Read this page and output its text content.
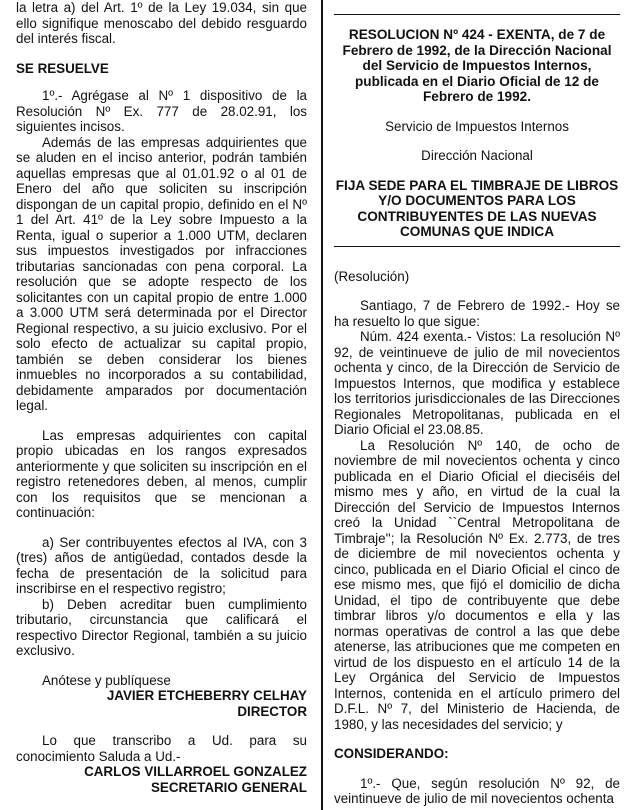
la letra a) del Art. 1º de la Ley 19.034, sin que ello signifique menoscabo del debido resguardo del interés fiscal.

SE RESUELVE

1º.- Agrégase al Nº 1 dispositivo de la Resolución Nº Ex. 777 de 28.02.91, los siguientes incisos.

Además de las empresas adquirientes que se aluden en el inciso anterior, podrán también aquellas empresas que al 01.01.92 o al 01 de Enero del año que soliciten su inscripción dispongan de un capital propio, definido en el Nº 1 del Art. 41º de la Ley sobre Impuesto a la Renta, igual o superior a 1.000 UTM, declaren sus impuestos investigados por infracciones tributarias sancionadas con pena corporal. La resolución que se adopte respecto de los solicitantes con un capital propio de entre 1.000 a 3.000 UTM será determinada por el Director Regional respectivo, a su juicio exclusivo. Por el solo efecto de actualizar su capital propio, también se deben considerar los bienes inmuebles no incorporados a su contabilidad, debidamente amparados por documentación legal.

Las empresas adquirientes con capital propio ubicadas en los rangos expresados anteriormente y que soliciten su inscripción en el registro retenedores deben, al menos, cumplir con los requisitos que se mencionan a continuación:

a) Ser contribuyentes efectos al IVA, con 3 (tres) años de antigüedad, contados desde la fecha de presentación de la solicitud para inscribirse en el respectivo registro;

b) Deben acreditar buen cumplimiento tributario, circunstancia que calificará el respectivo Director Regional, también a su juicio exclusivo.

Anótese y publíquese

JAVIER ETCHEBERRY CELHAY
DIRECTOR

Lo que transcribo a Ud. para su conocimiento Saluda a Ud.-

CARLOS VILLARROEL GONZALEZ
SECRETARIO GENERAL
RESOLUCION Nº 424 - EXENTA, de 7 de Febrero de 1992, de la Dirección Nacional del Servicio de Impuestos Internos, publicada en el Diario Oficial de 12 de Febrero de 1992.
Servicio de Impuestos Internos
Dirección Nacional
FIJA SEDE PARA EL TIMBRAJE DE LIBROS Y/O DOCUMENTOS PARA LOS CONTRIBUYENTES DE LAS NUEVAS COMUNAS QUE INDICA

(Resolución)

Santiago, 7 de Febrero de 1992.- Hoy se ha resuelto lo que sigue:

Núm. 424 exenta.- Vistos: La resolución Nº 92, de veintinueve de julio de mil novecientos ochenta y cinco, de la Dirección de Servicio de Impuestos Internos, que modifica y establece los territorios jurisdiccionales de las Direcciones Regionales Metropolitanas, publicada en el Diario Oficial el 23.08.85.

La Resolución Nº 140, de ocho de noviembre de mil novecientos ochenta y cinco publicada en el Diario Oficial el dieciséis del mismo mes y año, en virtud de la cual la Dirección del Servicio de Impuestos Internos creó la Unidad ``Central Metropolitana de Timbraje''; la Resolución Nº Ex. 2.773, de tres de diciembre de mil novecientos ochenta y cinco, publicada en el Diario Oficial el cinco de ese mismo mes, que fijó el domicilio de dicha Unidad, el tipo de contribuyente que debe timbrar libros y/o documentos e ella y las normas operativas de control a las que debe atenerse, las atribuciones que me competen en virtud de los dispuesto en el artículo 14 de la Ley Orgánica del Servicio de Impuestos Internos, contenida en el artículo primero del D.F.L. Nº 7, del Ministerio de Hacienda, de 1980, y las necesidades del servicio; y

CONSIDERANDO:

1º.- Que, según resolución Nº 92, de veintinueve de julio de mil novecientos ochenta
